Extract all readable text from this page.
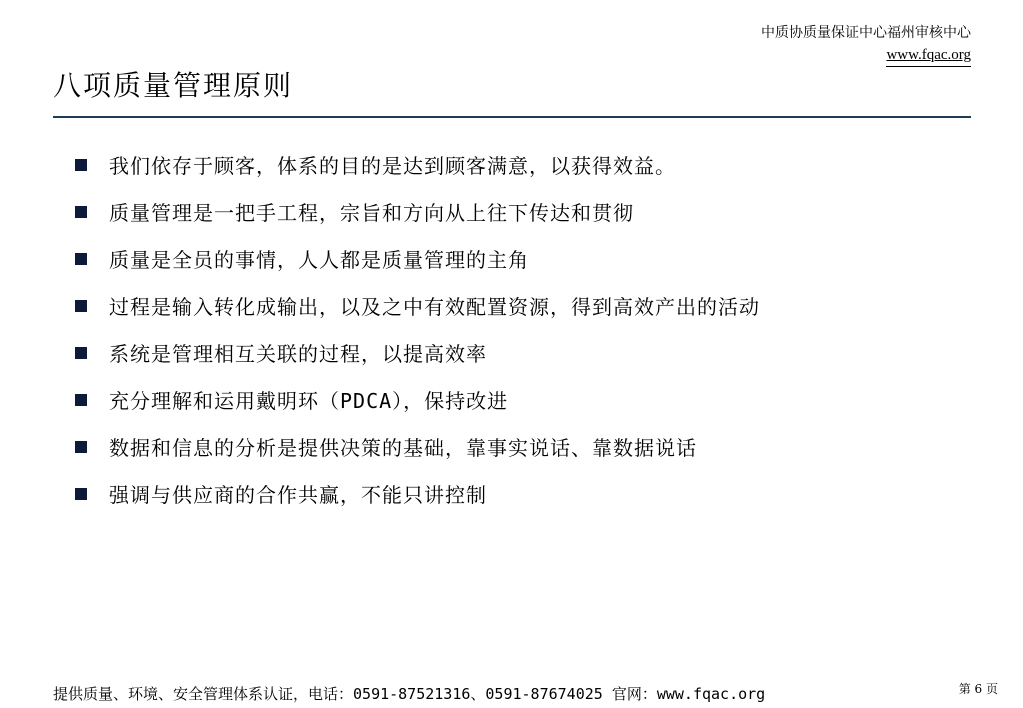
中质协质量保证中心福州审核中心
www.fqac.org
八项质量管理原则
我们依存于顾客，体系的目的是达到顾客满意，以获得效益。
质量管理是一把手工程，宗旨和方向从上往下传达和贯彻
质量是全员的事情，人人都是质量管理的主角
过程是输入转化成输出，以及之中有效配置资源，得到高效产出的活动
系统是管理相互关联的过程，以提高效率
充分理解和运用戴明环（PDCA），保持改进
数据和信息的分析是提供决策的基础，靠事实说话、靠数据说话
强调与供应商的合作共赢，不能只讲控制
提供质量、环境、安全管理体系认证，电话：0591-87521316、0591-87674025 官网：www.fqac.org	第 6 页
